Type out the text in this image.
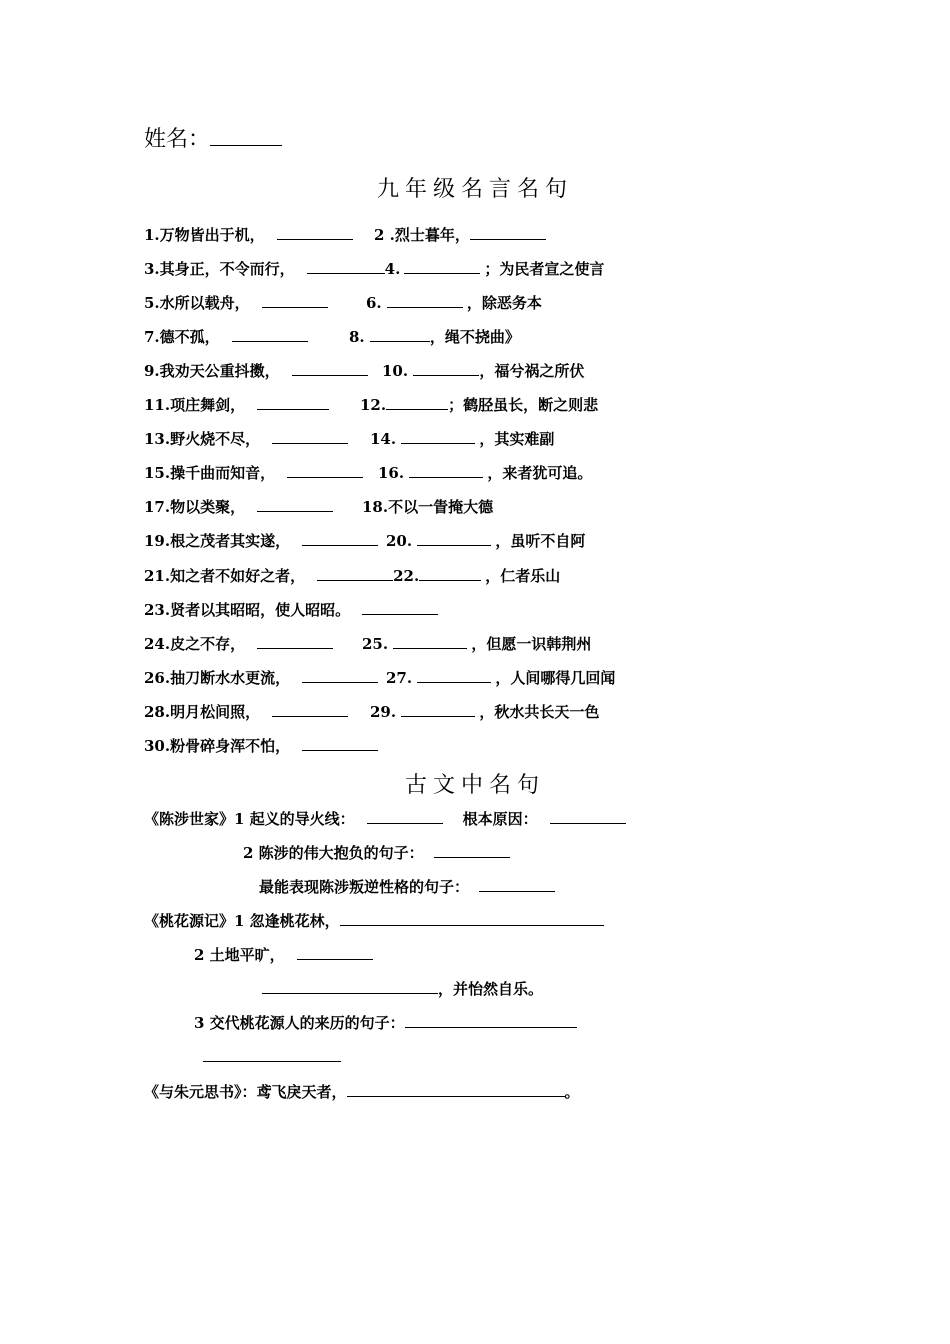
姓名：
九年级名言名句
1.万物皆出于机，	2 .烈士暮年，
3.其身正，不令而行，	4.	；为民者宣之使言
5.水所以载舟，	6.	，除恶务本
7.德不孤，	8.	，绳不挠曲》
9.我劝天公重抖擞，	10.	，福兮祸之所伏
11.项庄舞剑，	12.	；鹤胫虽长，断之则悲
13.野火烧不尽，	14.	，其实难副
15.操千曲而知音，	16.	，来者犹可追。
17.物以类聚，	18.不以一眚掩大德
19.根之茂者其实遂，	20.	，虽听不自阿
21.知之者不如好之者，	22.	，仁者乐山
23.贤者以其昭昭，使人昭昭。
24.皮之不存，	25.	，但愿一识韩荆州
26.抽刀断水水更流，	27.	，人间哪得几回闻
28.明月松间照，	29.	，秋水共长天一色
30.粉骨碎身浑不怕，
古文中名句
《陈涉世家》1 起义的导火线：	根本原因：
2 陈涉的伟大抱负的句子：
最能表现陈涉叛逆性格的句子：
《桃花源记》1 忽逢桃花林，
2 土地平旷，
，并怡然自乐。
3 交代桃花源人的来历的句子：
《与朱元思书》：鸢飞戾天者，	。
